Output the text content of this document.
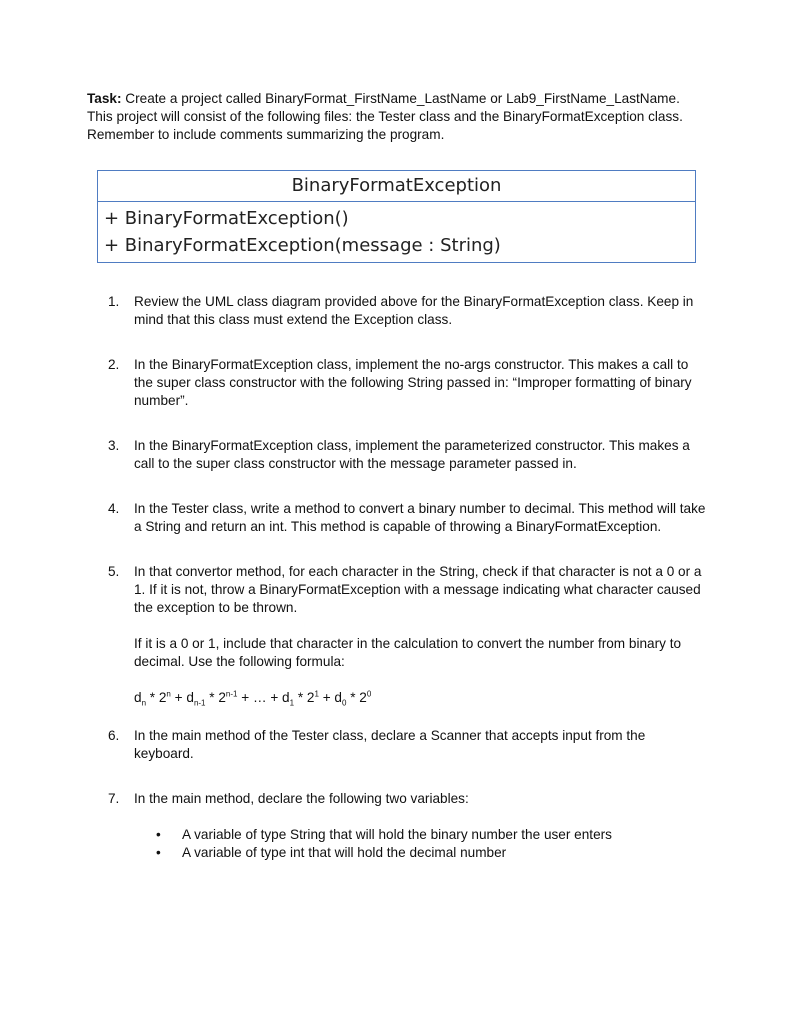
Task: Create a project called BinaryFormat_FirstName_LastName or Lab9_FirstName_LastName. This project will consist of the following files: the Tester class and the BinaryFormatException class. Remember to include comments summarizing the program.
BinaryFormatException
+ BinaryFormatException()
+ BinaryFormatException(message : String)
1. Review the UML class diagram provided above for the BinaryFormatException class. Keep in mind that this class must extend the Exception class.
2. In the BinaryFormatException class, implement the no-args constructor. This makes a call to the super class constructor with the following String passed in: “Improper formatting of binary number”.
3. In the BinaryFormatException class, implement the parameterized constructor. This makes a call to the super class constructor with the message parameter passed in.
4. In the Tester class, write a method to convert a binary number to decimal. This method will take a String and return an int. This method is capable of throwing a BinaryFormatException.
5. In that convertor method, for each character in the String, check if that character is not a 0 or a 1. If it is not, throw a BinaryFormatException with a message indicating what character caused the exception to be thrown.
If it is a 0 or 1, include that character in the calculation to convert the number from binary to decimal. Use the following formula:
$d_n * 2^n + d_{n-1} * 2^{n-1}$ + … + $d_1 * 2^1 + d_0 * 2^0$
6. In the main method of the Tester class, declare a Scanner that accepts input from the keyboard.
7. In the main method, declare the following two variables:
• A variable of type String that will hold the binary number the user enters
• A variable of type int that will hold the decimal number
